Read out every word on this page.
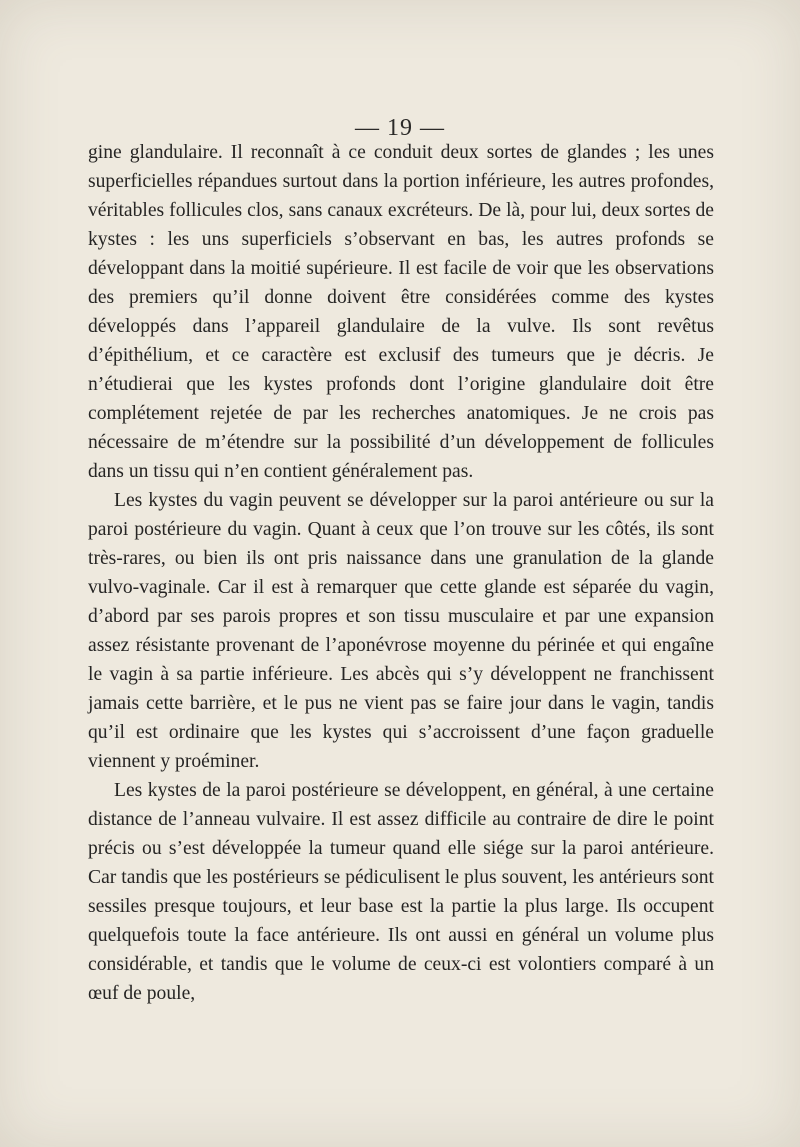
— 19 —

gine glandulaire. Il reconnaît à ce conduit deux sortes de glandes ; les unes superficielles répandues surtout dans la portion inférieure, les autres profondes, véritables follicules clos, sans canaux excréteurs. De là, pour lui, deux sortes de kystes : les uns superficiels s’observant en bas, les autres profonds se développant dans la moitié supérieure. Il est facile de voir que les observations des premiers qu’il donne doivent être considérées comme des kystes développés dans l’appareil glandulaire de la vulve. Ils sont revêtus d’épithélium, et ce caractère est exclusif des tumeurs que je décris. Je n’étudierai que les kystes profonds dont l’origine glandulaire doit être complétement rejetée de par les recherches anatomiques. Je ne crois pas nécessaire de m’étendre sur la possibilité d’un développement de follicules dans un tissu qui n’en contient généralement pas.

Les kystes du vagin peuvent se développer sur la paroi antérieure ou sur la paroi postérieure du vagin. Quant à ceux que l’on trouve sur les côtés, ils sont très-rares, ou bien ils ont pris naissance dans une granulation de la glande vulvo-vaginale. Car il est à remarquer que cette glande est séparée du vagin, d’abord par ses parois propres et son tissu musculaire et par une expansion assez résistante provenant de l’aponévrose moyenne du périnée et qui engaîne le vagin à sa partie inférieure. Les abcès qui s’y développent ne franchissent jamais cette barrière, et le pus ne vient pas se faire jour dans le vagin, tandis qu’il est ordinaire que les kystes qui s’accroissent d’une façon graduelle viennent y proéminer.

Les kystes de la paroi postérieure se développent, en général, à une certaine distance de l’anneau vulvaire. Il est assez difficile au contraire de dire le point précis ou s’est développée la tumeur quand elle siége sur la paroi antérieure. Car tandis que les postérieurs se pédiculisent le plus souvent, les antérieurs sont sessiles presque toujours, et leur base est la partie la plus large. Ils occupent quelquefois toute la face antérieure. Ils ont aussi en général un volume plus considérable, et tandis que le volume de ceux-ci est volontiers comparé à un œuf de poule,
